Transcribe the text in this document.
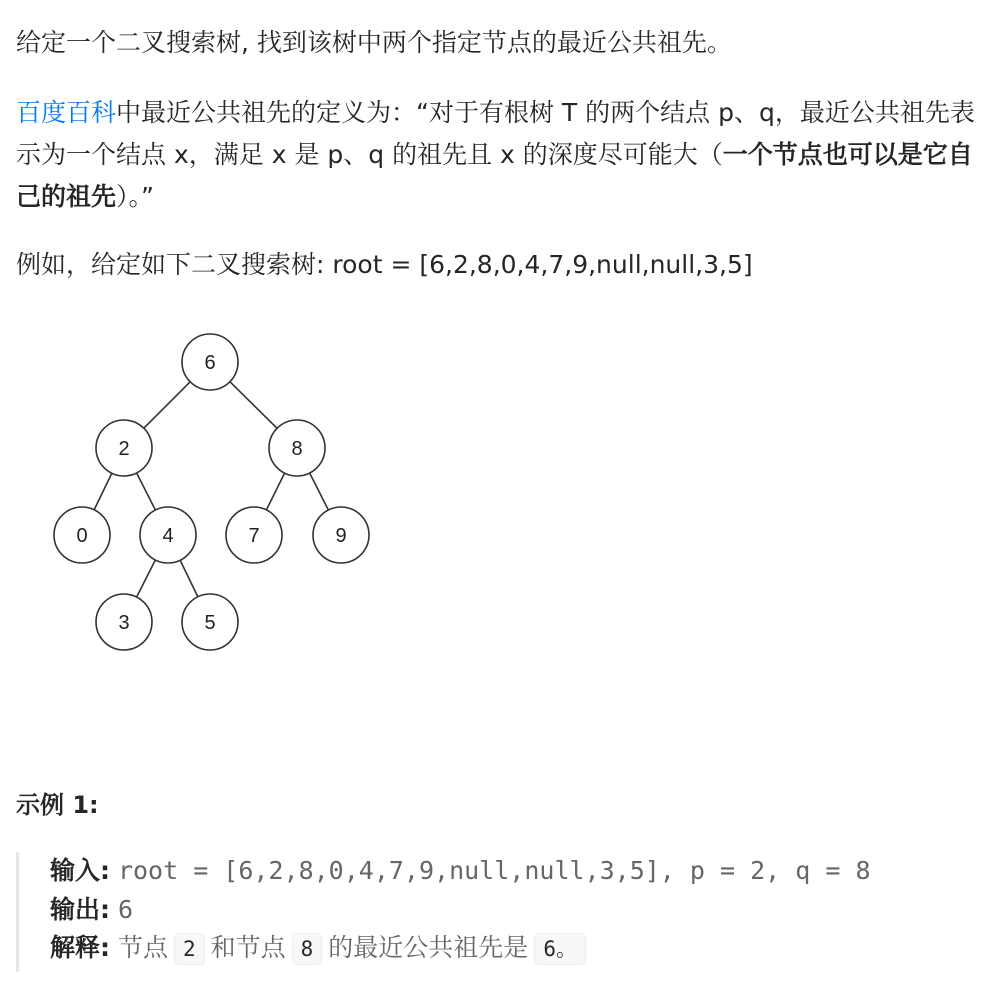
给定一个二叉搜索树, 找到该树中两个指定节点的最近公共祖先。

百度百科中最近公共祖先的定义为：“对于有根树 T 的两个结点 p、q，最近公共祖先表示为一个结点 x，满足 x 是 p、q 的祖先且 x 的深度尽可能大（一个节点也可以是它自己的祖先）。”

例如，给定如下二叉搜索树: root = [6,2,8,0,4,7,9,null,null,3,5]

6
2	8
0	4	7	9
3	5
示例 1:
输入: root = [6,2,8,0,4,7,9,null,null,3,5], p = 2, q = 8
输出: 6
解释: 节点 2 和节点 8 的最近公共祖先是 6。
